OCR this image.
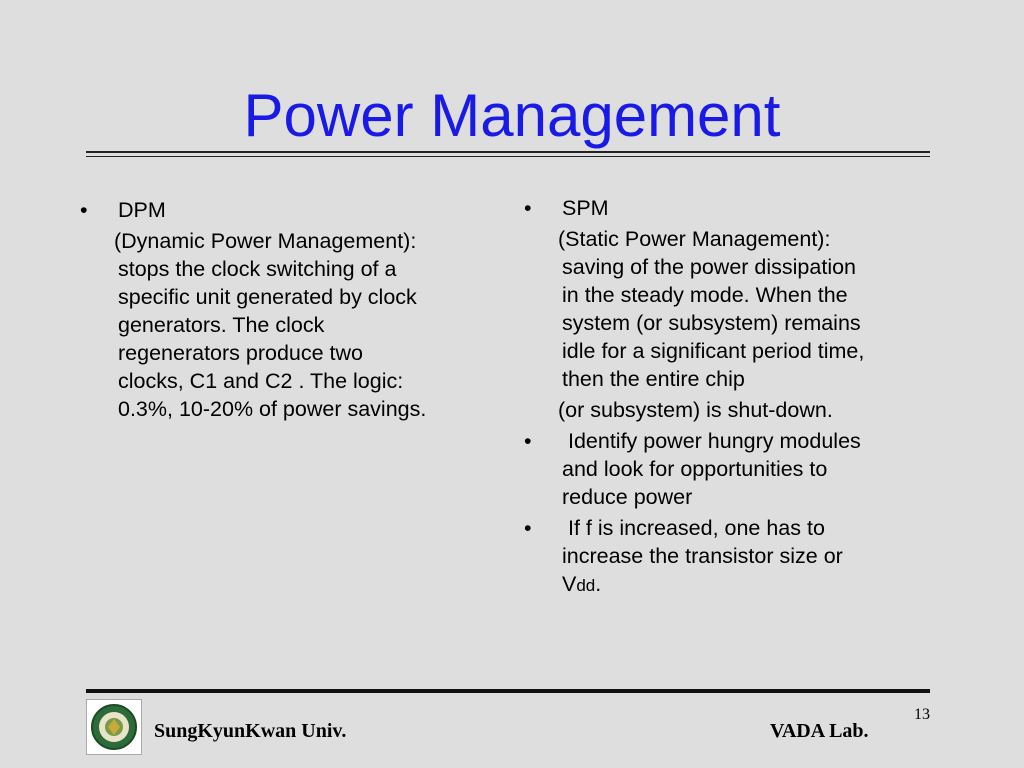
Power Management
• DPM
(Dynamic Power Management):
stops the clock switching of a
specific unit generated by clock
generators. The clock
regenerators produce two
clocks, C1 and C2 . The logic:
0.3%, 10-20% of power savings.
• SPM
(Static Power Management):
saving of the power dissipation
in the steady mode. When the
system (or subsystem) remains
idle for a significant period time,
then the entire chip
(or subsystem) is shut-down.
• Identify power hungry modules
and look for opportunities to
reduce power
• If f is increased, one has to
increase the transistor size or
Vdd.
SungKyunKwan Univ.	VADA Lab.
13
